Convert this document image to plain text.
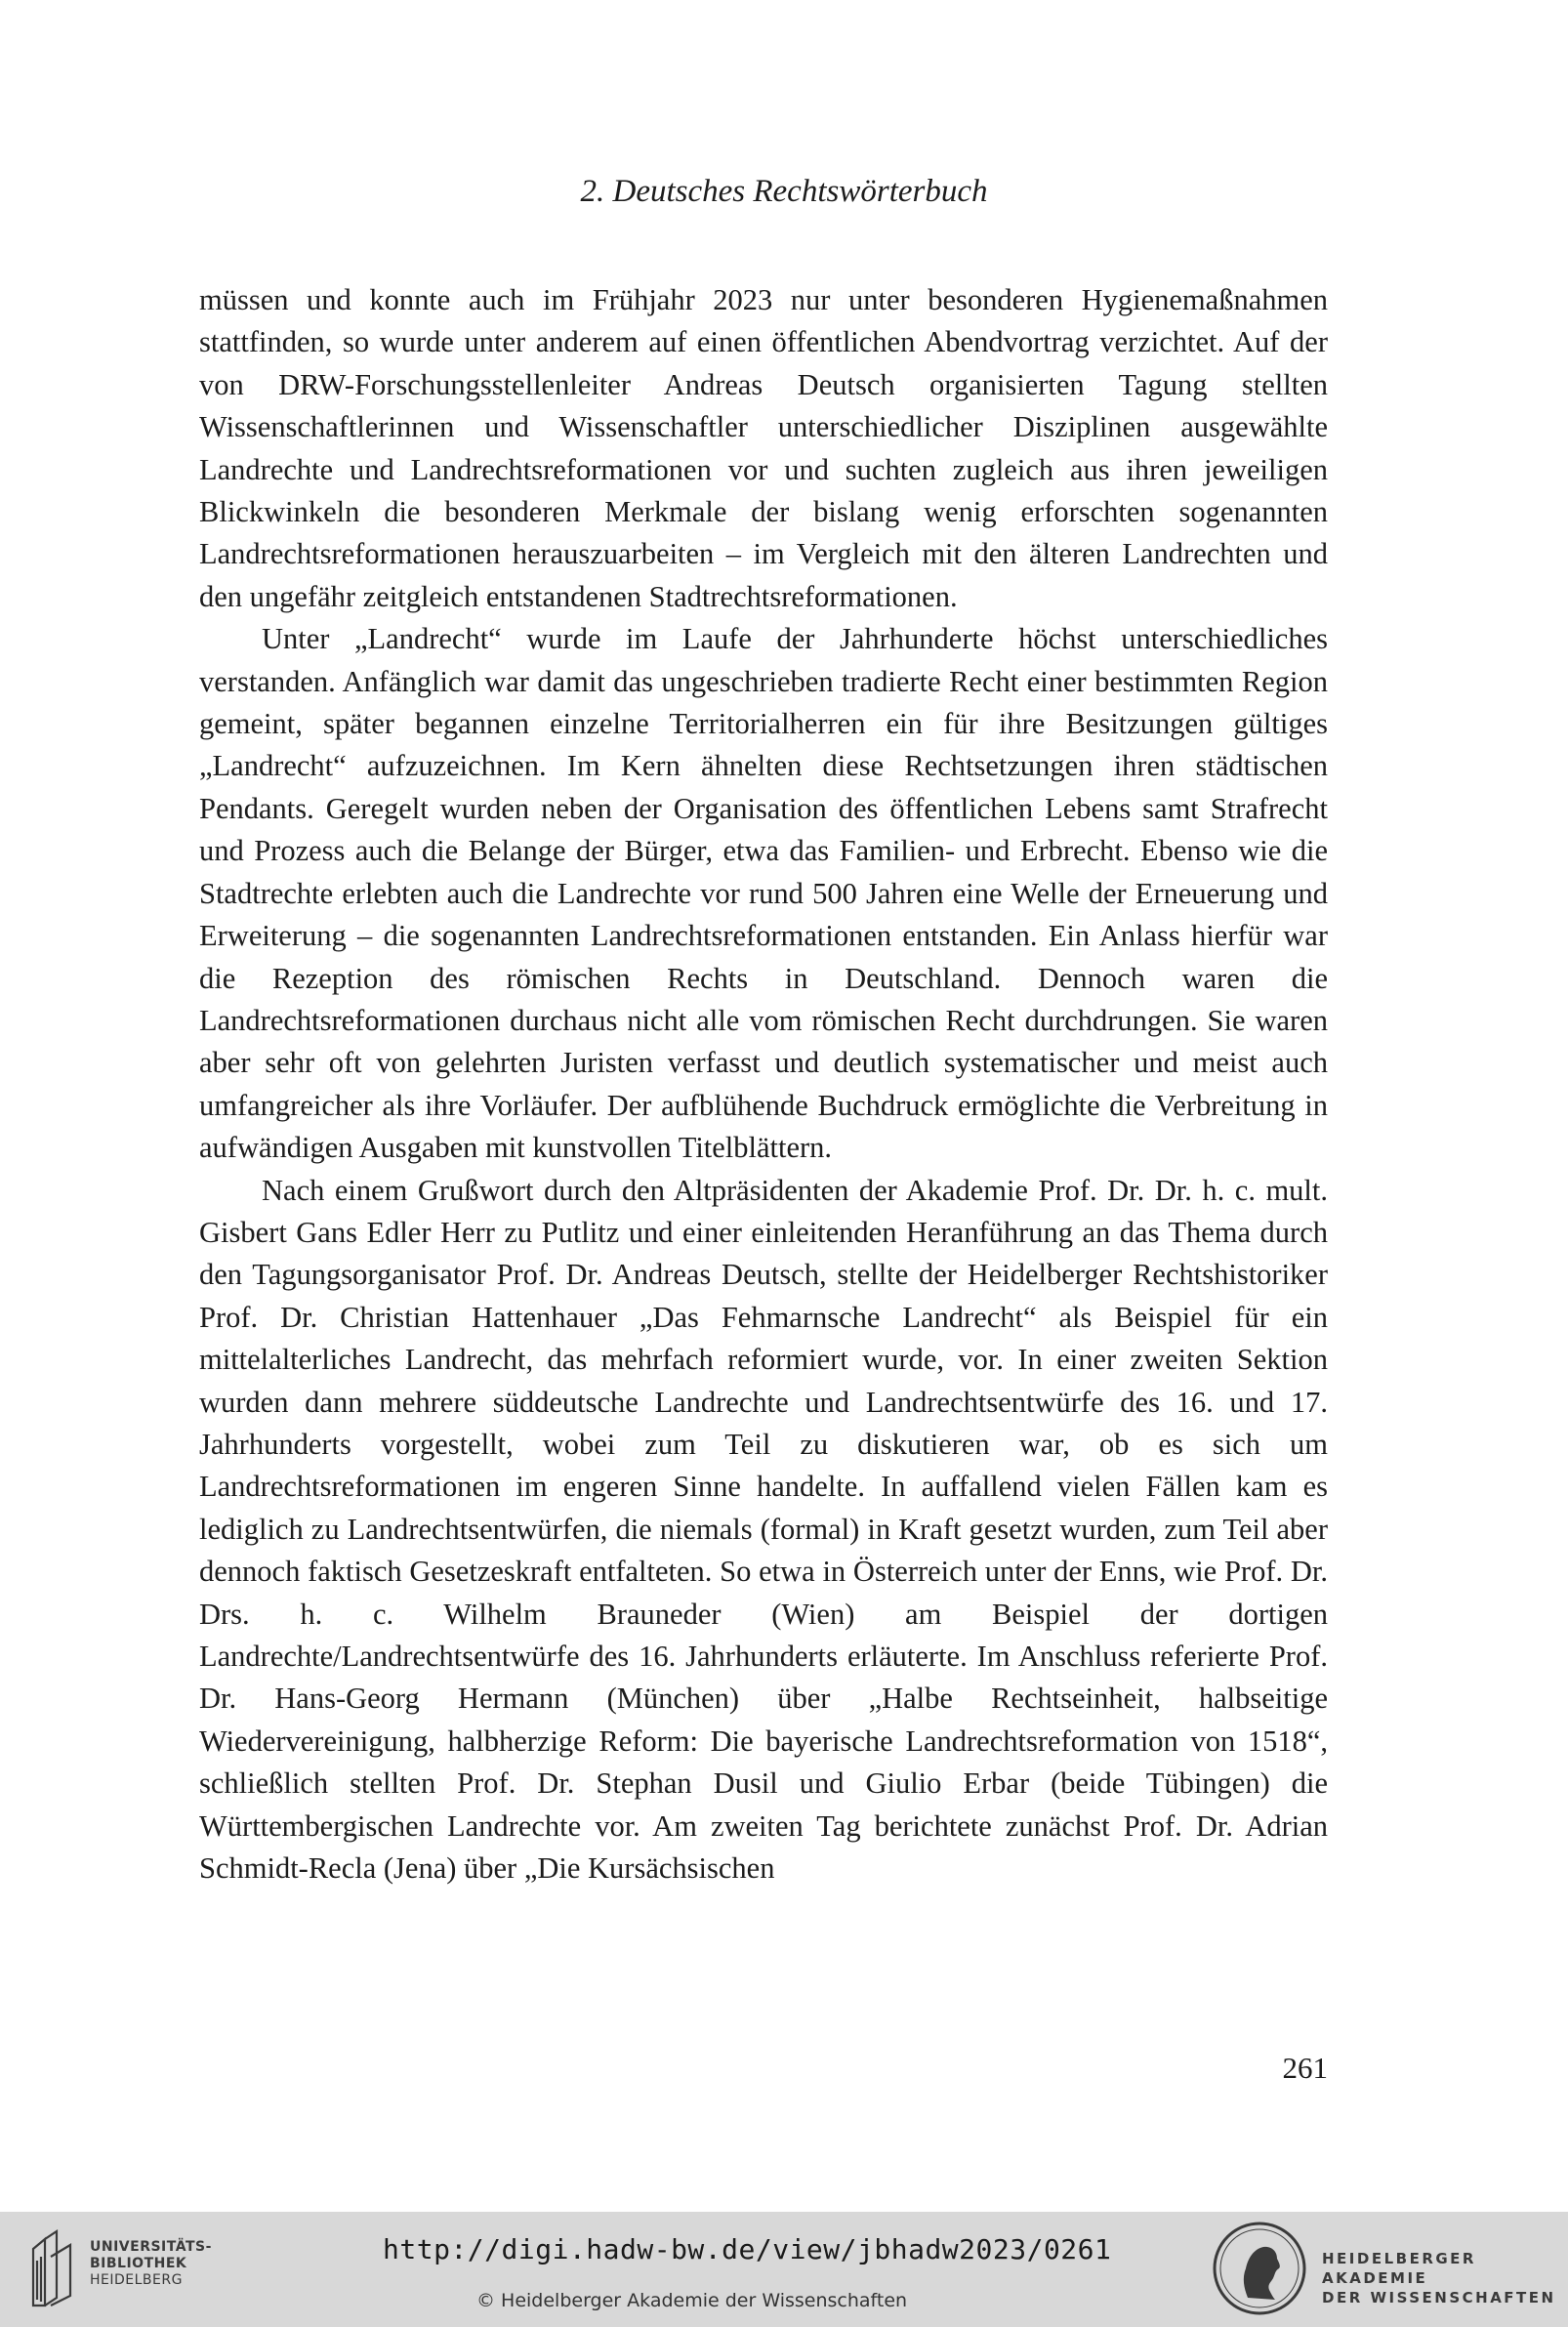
2. Deutsches Rechtswörterbuch

müssen und konnte auch im Frühjahr 2023 nur unter besonderen Hygienemaßnahmen stattfinden, so wurde unter anderem auf einen öffentlichen Abendvortrag verzichtet. Auf der von DRW-Forschungsstellenleiter Andreas Deutsch organisierten Tagung stellten Wissenschaftlerinnen und Wissenschaftler unterschiedlicher Disziplinen ausgewählte Landrechte und Landrechtsreformationen vor und suchten zugleich aus ihren jeweiligen Blickwinkeln die besonderen Merkmale der bislang wenig erforschten sogenannten Landrechtsreformationen herauszuarbeiten – im Vergleich mit den älteren Landrechten und den ungefähr zeitgleich entstandenen Stadtrechtsreformationen.

Unter „Landrecht“ wurde im Laufe der Jahrhunderte höchst unterschiedliches verstanden. Anfänglich war damit das ungeschrieben tradierte Recht einer bestimmten Region gemeint, später begannen einzelne Territorialherren ein für ihre Besitzungen gültiges „Landrecht“ aufzuzeichnen. Im Kern ähnelten diese Rechtsetzungen ihren städtischen Pendants. Geregelt wurden neben der Organisation des öffentlichen Lebens samt Strafrecht und Prozess auch die Belange der Bürger, etwa das Familien- und Erbrecht. Ebenso wie die Stadtrechte erlebten auch die Landrechte vor rund 500 Jahren eine Welle der Erneuerung und Erweiterung – die sogenannten Landrechtsreformationen entstanden. Ein Anlass hierfür war die Rezeption des römischen Rechts in Deutschland. Dennoch waren die Landrechtsreformationen durchaus nicht alle vom römischen Recht durchdrungen. Sie waren aber sehr oft von gelehrten Juristen verfasst und deutlich systematischer und meist auch umfangreicher als ihre Vorläufer. Der aufblühende Buchdruck ermöglichte die Verbreitung in aufwändigen Ausgaben mit kunstvollen Titelblättern.

Nach einem Grußwort durch den Altpräsidenten der Akademie Prof. Dr. Dr. h. c. mult. Gisbert Gans Edler Herr zu Putlitz und einer einleitenden Heranführung an das Thema durch den Tagungsorganisator Prof. Dr. Andreas Deutsch, stellte der Heidelberger Rechtshistoriker Prof. Dr. Christian Hattenhauer „Das Fehmarnsche Landrecht“ als Beispiel für ein mittelalterliches Landrecht, das mehrfach reformiert wurde, vor. In einer zweiten Sektion wurden dann mehrere süddeutsche Landrechte und Landrechtsentwürfe des 16. und 17. Jahrhunderts vorgestellt, wobei zum Teil zu diskutieren war, ob es sich um Landrechtsreformationen im engeren Sinne handelte. In auffallend vielen Fällen kam es lediglich zu Landrechtsentwürfen, die niemals (formal) in Kraft gesetzt wurden, zum Teil aber dennoch faktisch Gesetzeskraft entfalteten. So etwa in Österreich unter der Enns, wie Prof. Dr. Drs. h. c. Wilhelm Brauneder (Wien) am Beispiel der dortigen Landrechte/Landrechtsentwürfe des 16. Jahrhunderts erläuterte. Im Anschluss referierte Prof. Dr. Hans-Georg Hermann (München) über „Halbe Rechtseinheit, halbseitige Wiedervereinigung, halbherzige Reform: Die bayerische Landrechtsreformation von 1518“, schließlich stellten Prof. Dr. Stephan Dusil und Giulio Erbar (beide Tübingen) die Württembergischen Landrechte vor. Am zweiten Tag berichtete zunächst Prof. Dr. Adrian Schmidt-Recla (Jena) über „Die Kursächsischen

261
UNIVERSITÄTS-
BIBLIOTHEK
HEIDELBERG
http://digi.hadw-bw.de/view/jbhadw2023/0261
© Heidelberger Akademie der Wissenschaften
HEIDELBERGER AKADEMIE
DER WISSENSCHAFTEN
